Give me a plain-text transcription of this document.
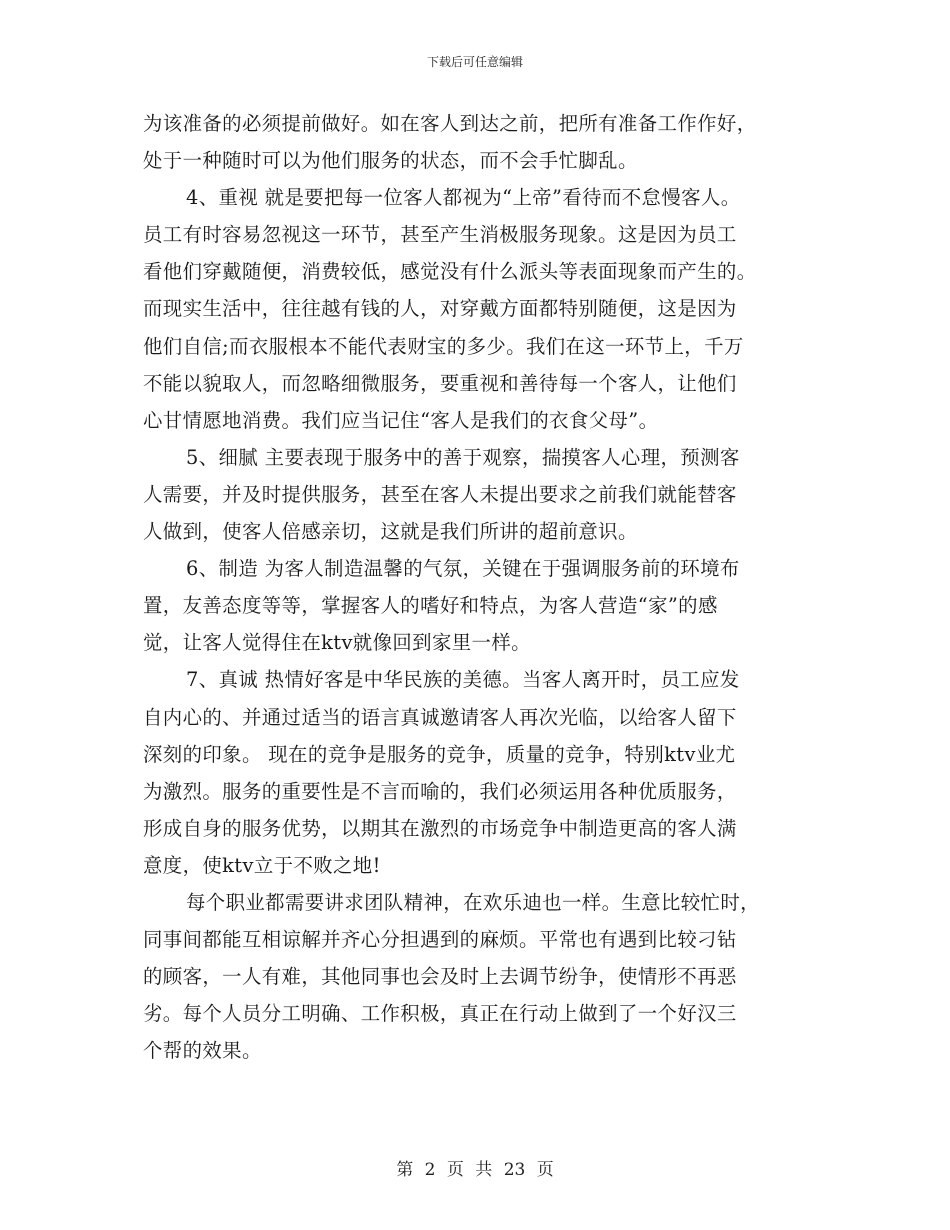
下载后可任意编辑
为该准备的必须提前做好。如在客人到达之前，把所有准备工作作好，
处于一种随时可以为他们服务的状态，而不会手忙脚乱。
4、重视 就是要把每一位客人都视为“上帝”看待而不怠慢客人。
员工有时容易忽视这一环节，甚至产生消极服务现象。这是因为员工
看他们穿戴随便，消费较低，感觉没有什么派头等表面现象而产生的。
而现实生活中，往往越有钱的人，对穿戴方面都特别随便，这是因为
他们自信;而衣服根本不能代表财宝的多少。我们在这一环节上，千万
不能以貌取人，而忽略细微服务，要重视和善待每一个客人，让他们
心甘情愿地消费。我们应当记住“客人是我们的衣食父母”。
5、细腻 主要表现于服务中的善于观察，揣摸客人心理，预测客
人需要，并及时提供服务，甚至在客人未提出要求之前我们就能替客
人做到，使客人倍感亲切，这就是我们所讲的超前意识。
6、制造 为客人制造温馨的气氛，关键在于强调服务前的环境布
置，友善态度等等，掌握客人的嗜好和特点，为客人营造“家”的感
觉，让客人觉得住在ktv就像回到家里一样。
7、真诚 热情好客是中华民族的美德。当客人离开时，员工应发
自内心的、并通过适当的语言真诚邀请客人再次光临，以给客人留下
深刻的印象。 现在的竞争是服务的竞争，质量的竞争，特别ktv业尤
为激烈。服务的重要性是不言而喻的，我们必须运用各种优质服务，
形成自身的服务优势，以期其在激烈的市场竞争中制造更高的客人满
意度，使ktv立于不败之地!
每个职业都需要讲求团队精神，在欢乐迪也一样。生意比较忙时，
同事间都能互相谅解并齐心分担遇到的麻烦。平常也有遇到比较刁钻
的顾客，一人有难，其他同事也会及时上去调节纷争，使情形不再恶
劣。每个人员分工明确、工作积极，真正在行动上做到了一个好汉三
个帮的效果。
第 2 页 共 23 页
